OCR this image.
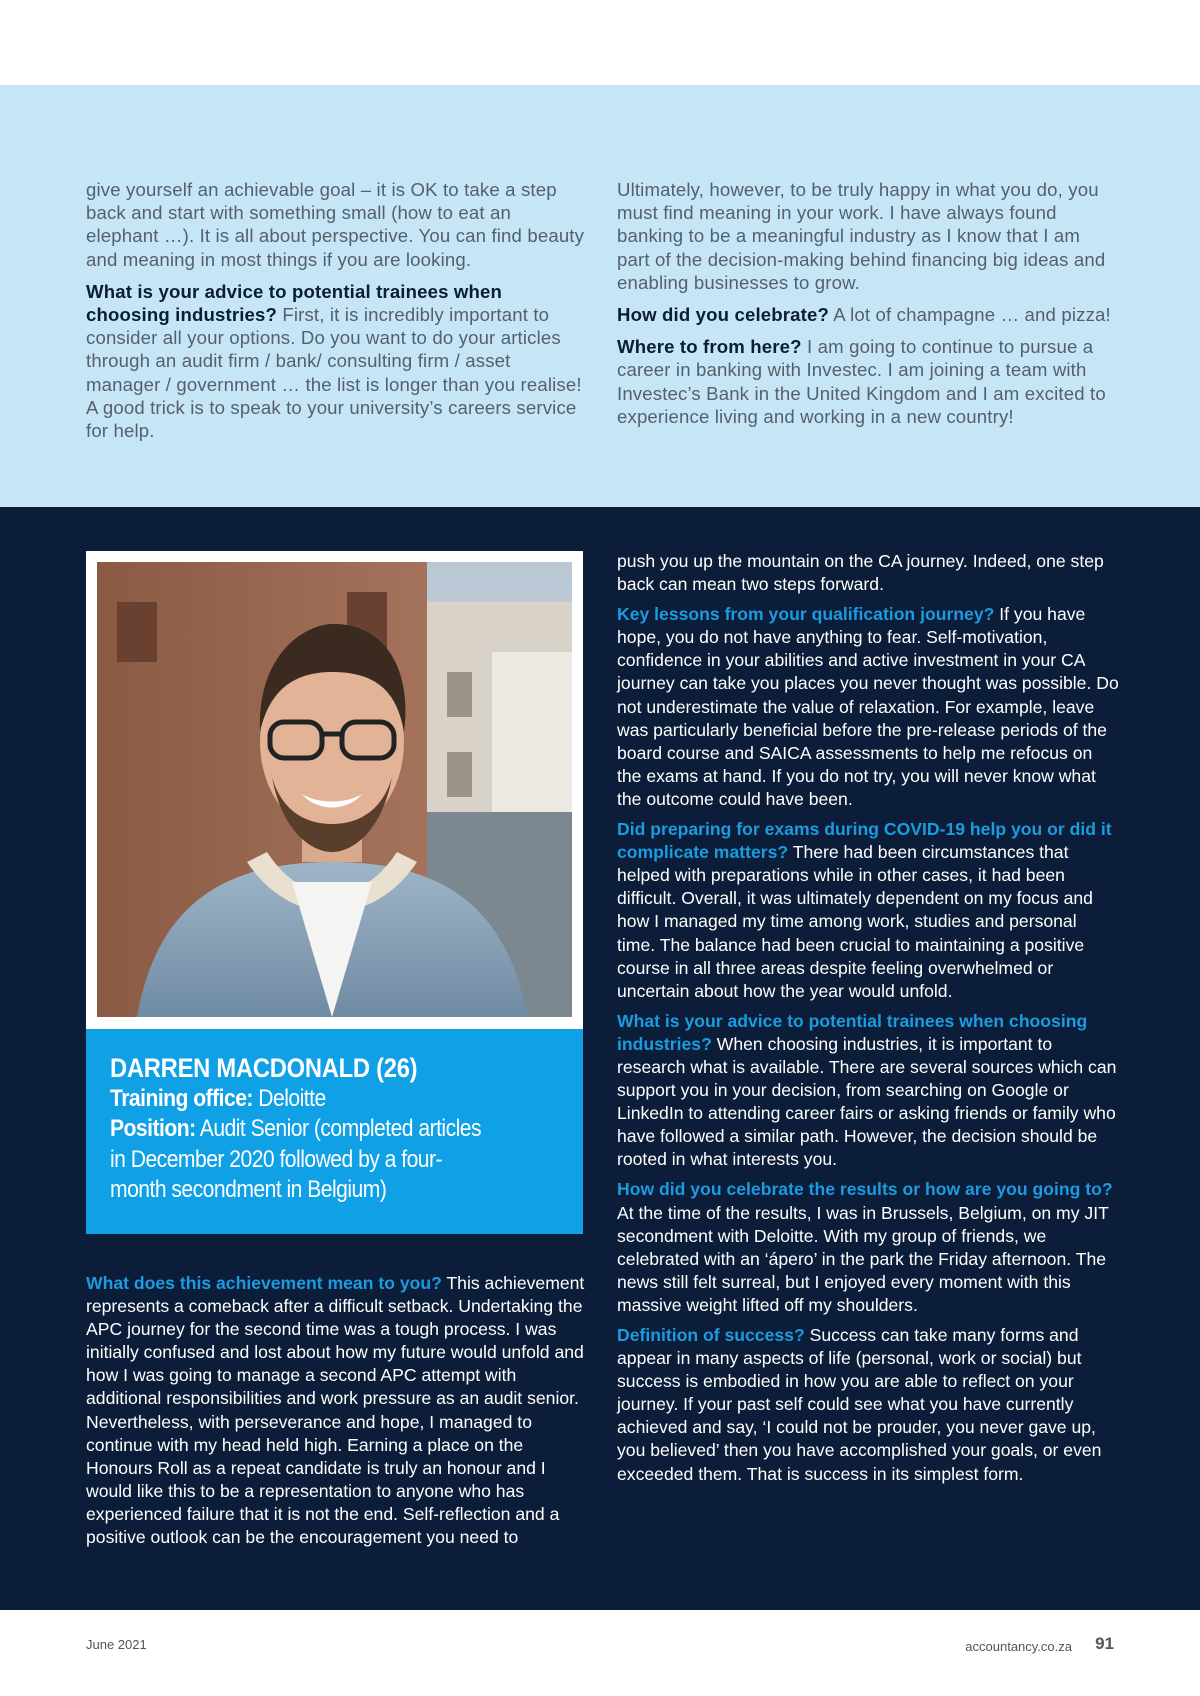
give yourself an achievable goal – it is OK to take a step back and start with something small (how to eat an elephant …). It is all about perspective. You can find beauty and meaning in most things if you are looking.

What is your advice to potential trainees when choosing industries? First, it is incredibly important to consider all your options. Do you want to do your articles through an audit firm / bank/ consulting firm / asset manager / government … the list is longer than you realise! A good trick is to speak to your university’s careers service for help.

Ultimately, however, to be truly happy in what you do, you must find meaning in your work. I have always found banking to be a meaningful industry as I know that I am part of the decision-making behind financing big ideas and enabling businesses to grow.

How did you celebrate? A lot of champagne … and pizza!

Where to from here? I am going to continue to pursue a career in banking with Investec. I am joining a team with Investec’s Bank in the United Kingdom and I am excited to experience living and working in a new country!

DARREN MACDONALD (26)
Training office: Deloitte
Position: Audit Senior (completed articles in December 2020 followed by a four-month secondment in Belgium)

What does this achievement mean to you? This achievement represents a comeback after a difficult setback. Undertaking the APC journey for the second time was a tough process. I was initially confused and lost about how my future would unfold and how I was going to manage a second APC attempt with additional responsibilities and work pressure as an audit senior. Nevertheless, with perseverance and hope, I managed to continue with my head held high. Earning a place on the Honours Roll as a repeat candidate is truly an honour and I would like this to be a representation to anyone who has experienced failure that it is not the end. Self-reflection and a positive outlook can be the encouragement you need to

push you up the mountain on the CA journey. Indeed, one step back can mean two steps forward.

Key lessons from your qualification journey? If you have hope, you do not have anything to fear. Self-motivation, confidence in your abilities and active investment in your CA journey can take you places you never thought was possible. Do not underestimate the value of relaxation. For example, leave was particularly beneficial before the pre-release periods of the board course and SAICA assessments to help me refocus on the exams at hand. If you do not try, you will never know what the outcome could have been.

Did preparing for exams during COVID-19 help you or did it complicate matters? There had been circumstances that helped with preparations while in other cases, it had been difficult. Overall, it was ultimately dependent on my focus and how I managed my time among work, studies and personal time. The balance had been crucial to maintaining a positive course in all three areas despite feeling overwhelmed or uncertain about how the year would unfold.

What is your advice to potential trainees when choosing industries? When choosing industries, it is important to research what is available. There are several sources which can support you in your decision, from searching on Google or LinkedIn to attending career fairs or asking friends or family who have followed a similar path. However, the decision should be rooted in what interests you.

How did you celebrate the results or how are you going to? At the time of the results, I was in Brussels, Belgium, on my JIT secondment with Deloitte. With my group of friends, we celebrated with an ‘ápero’ in the park the Friday afternoon. The news still felt surreal, but I enjoyed every moment with this massive weight lifted off my shoulders.

Definition of success? Success can take many forms and appear in many aspects of life (personal, work or social) but success is embodied in how you are able to reflect on your journey. If your past self could see what you have currently achieved and say, ‘I could not be prouder, you never gave up, you believed’ then you have accomplished your goals, or even exceeded them. That is success in its simplest form.

June 2021	accountancy.co.za 91
